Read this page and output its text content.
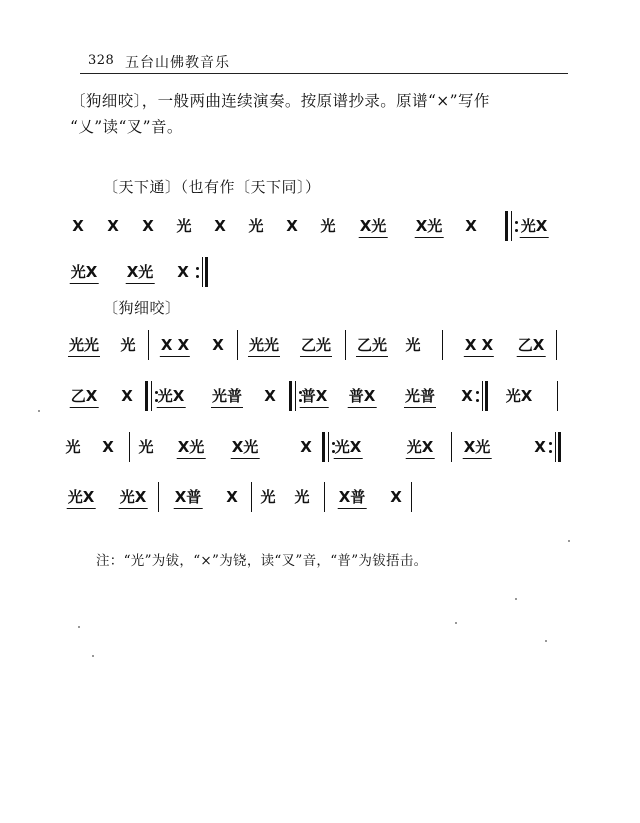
328 五台山佛教音乐
〔狗细咬〕，一般两曲连续演奏。按原谱抄录。原谱“×”写作
“乂”读“叉”音。
〔天下通〕（也有作〔天下同〕）
〔狗细咬〕
X X X 光 X 光 X 光 X光 X光 X	光X
光X X光 X
光光 光 X X X 光光 乙光 乙光 光	X X 乙X
乙X X 光X 光普 X 普X 普X 光普 X 光X
光 X 光 X光 X光	X 光X	光X X光	X
光X 光X X普 X 光 光 X普 X
注：“光”为钹，“×”为铙，读“叉”音，“普”为钹捂击。
